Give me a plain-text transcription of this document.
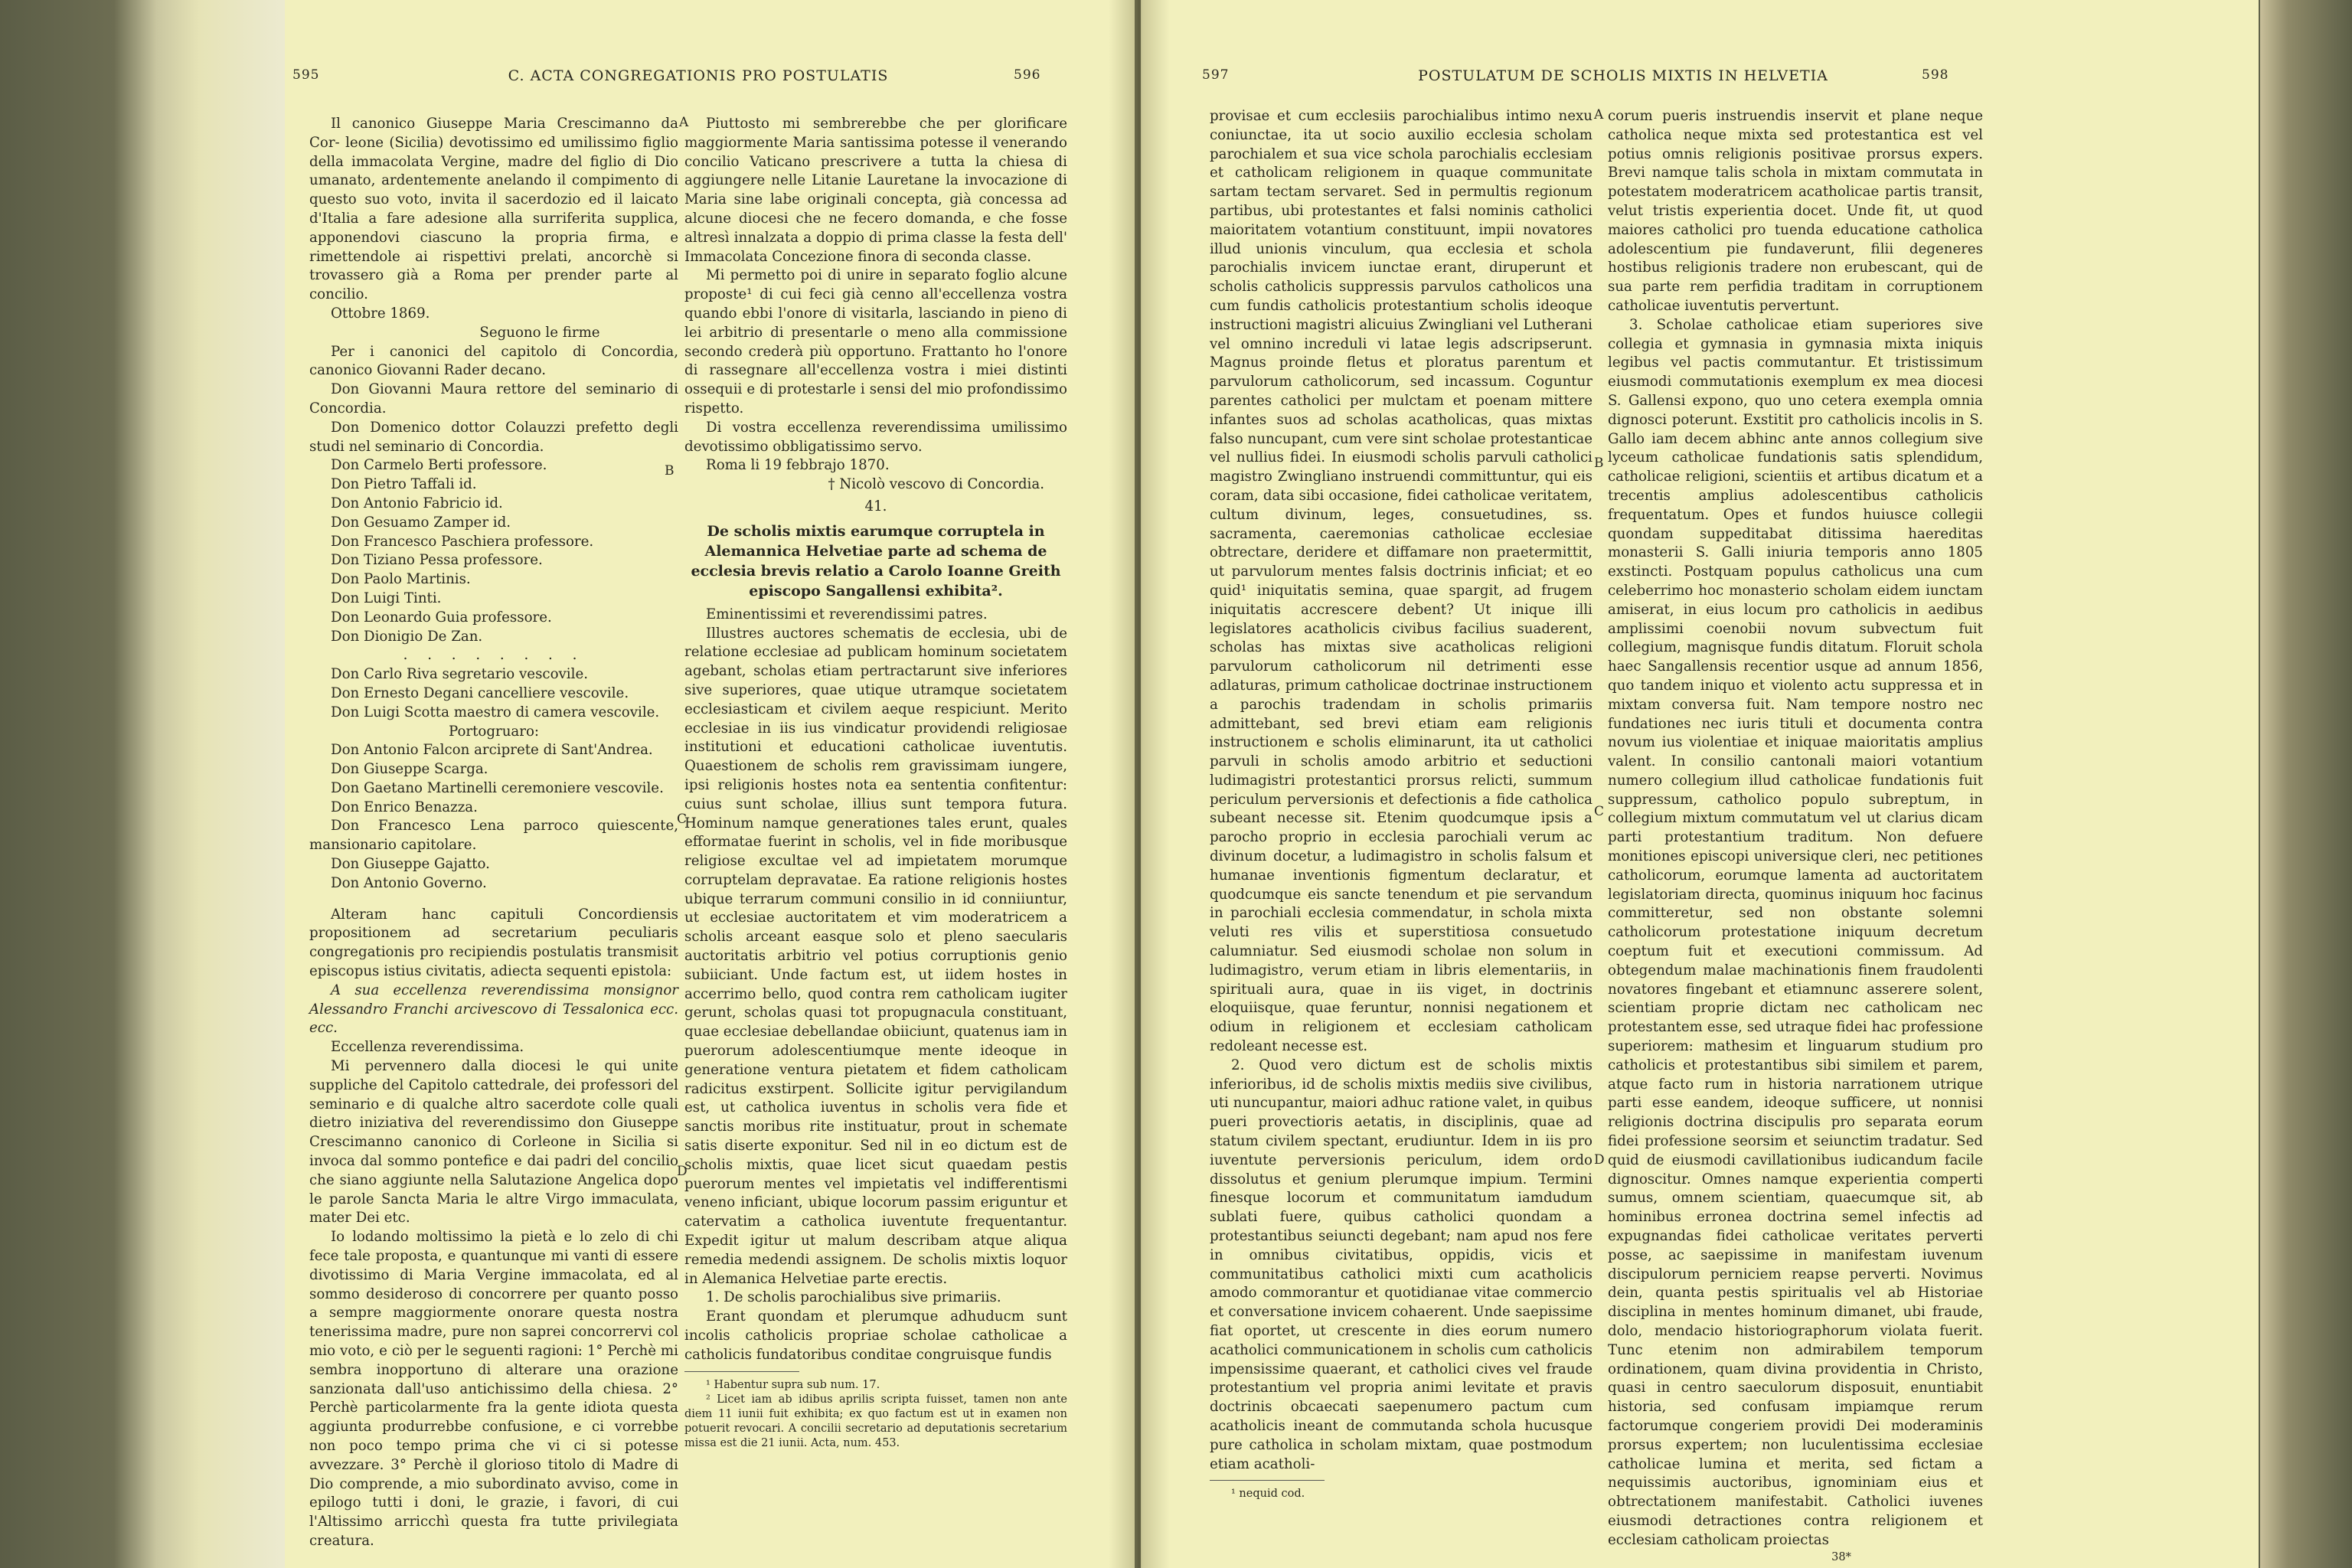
595	C. ACTA CONGREGATIONIS PRO POSTULATIS	596

Il canonico Giuseppe Maria Crescimanno da Cor- leone (Sicilia) devotissimo ed umilissimo figlio della immacolata Vergine, madre del figlio di Dio umanato, ardentemente anelando il compimento di questo suo voto, invita il sacerdozio ed il laicato d'Italia a fare adesione alla surriferita supplica, apponendovi ciascuno la propria firma, e rimettendole ai rispettivi prelati, ancorchè si trovassero già a Roma per prender parte al concilio.

Ottobre 1869.

Seguono le firme

Per i canonici del capitolo di Concordia, canonico Giovanni Rader decano.

Don Giovanni Maura rettore del seminario di Concordia.

Don Domenico dottor Colauzzi prefetto degli studi nel seminario di Concordia.

Don Carmelo Berti professore.

Don Pietro Taffali id.

Don Antonio Fabricio id.

Don Gesuamo Zamper id.

Don Francesco Paschiera professore.

Don Tiziano Pessa professore.

Don Paolo Martinis.

Don Luigi Tinti.

Don Leonardo Guia professore.

Don Dionigio De Zan.

. . . . . . . .

Don Carlo Riva segretario vescovile.

Don Ernesto Degani cancelliere vescovile.

Don Luigi Scotta maestro di camera vescovile.

Portogruaro:

Don Antonio Falcon arciprete di Sant'Andrea.

Don Giuseppe Scarga.

Don Gaetano Martinelli ceremoniere vescovile.

Don Enrico Benazza.

Don Francesco Lena parroco quiescente, mansionario capitolare.

Don Giuseppe Gajatto.

Don Antonio Governo.

Alteram hanc capituli Concordiensis propositionem ad secretarium peculiaris congregationis pro recipiendis postulatis transmisit episcopus istius civitatis, adiecta sequenti epistola:

A sua eccellenza reverendissima monsignor Alessandro Franchi arcivescovo di Tessalonica ecc. ecc.

Eccellenza reverendissima.

Mi pervennero dalla diocesi le qui unite suppliche del Capitolo cattedrale, dei professori del seminario e di qualche altro sacerdote colle quali dietro iniziativa del reverendissimo don Giuseppe Crescimanno canonico di Corleone in Sicilia si invoca dal sommo pontefice e dai padri del concilio che siano aggiunte nella Salutazione Angelica dopo le parole Sancta Maria le altre Virgo immaculata, mater Dei etc.

Io lodando moltissimo la pietà e lo zelo di chi fece tale proposta, e quantunque mi vanti di essere divotissimo di Maria Vergine immacolata, ed al sommo desideroso di concorrere per quanto posso a sempre maggiormente onorare questa nostra tenerissima madre, pure non saprei concorrervi col mio voto, e ciò per le seguenti ragioni: 1° Perchè mi sembra inopportuno di alterare una orazione sanzionata dall'uso antichissimo della chiesa. 2° Perchè particolarmente fra la gente idiota questa aggiunta produrrebbe confusione, e ci vorrebbe non poco tempo prima che vi ci si potesse avvezzare. 3° Perchè il glorioso titolo di Madre di Dio comprende, a mio subordinato avviso, come in epilogo tutti i doni, le grazie, i favori, di cui l'Altissimo arricchì questa fra tutte privilegiata creatura.

Piuttosto mi sembrerebbe che per glorificare maggiormente Maria santissima potesse il venerando concilio Vaticano prescrivere a tutta la chiesa di aggiungere nelle Litanie Lauretane la invocazione di Maria sine labe originali concepta, già concessa ad alcune diocesi che ne fecero domanda, e che fosse altresì innalzata a doppio di prima classe la festa dell' Immacolata Concezione finora di seconda classe.

Mi permetto poi di unire in separato foglio alcune proposte¹ di cui feci già cenno all'eccellenza vostra quando ebbi l'onore di visitarla, lasciando in pieno di lei arbitrio di presentarle o meno alla commissione secondo crederà più opportuno. Frattanto ho l'onore di rassegnare all'eccellenza vostra i miei distinti ossequii e di protestarle i sensi del mio profondissimo rispetto.

Di vostra eccellenza reverendissima umilissimo devotissimo obbligatissimo servo.

Roma li 19 febbrajo 1870.

† Nicolò vescovo di Concordia.

41.

De scholis mixtis earumque corruptela in Alemannica Helvetiae parte ad schema de ecclesia brevis relatio a Carolo Ioanne Greith episcopo Sangallensi exhibita².

Eminentissimi et reverendissimi patres.

Illustres auctores schematis de ecclesia, ubi de relatione ecclesiae ad publicam hominum societatem agebant, scholas etiam pertractarunt sive inferiores sive superiores, quae utique utramque societatem ecclesiasticam et civilem aeque respiciunt. Merito ecclesiae in iis ius vindicatur providendi religiosae institutioni et educationi catholicae iuventutis. Quaestionem de scholis rem gravissimam iungere, ipsi religionis hostes nota ea sententia confitentur: cuius sunt scholae, illius sunt tempora futura. Hominum namque generationes tales erunt, quales efformatae fuerint in scholis, vel in fide moribusque religiose excultae vel ad impietatem morumque corruptelam depravatae. Ea ratione religionis hostes ubique terrarum communi consilio in id conniiuntur, ut ecclesiae auctoritatem et vim moderatricem a scholis arceant easque solo et pleno saecularis auctoritatis arbitrio vel potius corruptionis genio subiiciant. Unde factum est, ut iidem hostes in accerrimo bello, quod contra rem catholicam iugiter gerunt, scholas quasi tot propugnacula constituant, quae ecclesiae debellandae obiiciunt, quatenus iam in puerorum adolescentiumque mente ideoque in generatione ventura pietatem et fidem catholicam radicitus exstirpent. Sollicite igitur pervigilandum est, ut catholica iuventus in scholis vera fide et sanctis moribus rite instituatur, prout in schemate satis diserte exponitur. Sed nil in eo dictum est de scholis mixtis, quae licet sicut quaedam pestis puerorum mentes vel impietatis vel indifferentismi veneno inficiant, ubique locorum passim eriguntur et catervatim a catholica iuventute frequentantur. Expedit igitur ut malum describam atque aliqua remedia medendi assignem. De scholis mixtis loquor in Alemanica Helvetiae parte erectis.

1. De scholis parochialibus sive primariis.

Erant quondam et plerumque adhuducm sunt incolis catholicis propriae scholae catholicae a catholicis fundatoribus conditae congruisque fundis

¹ Habentur supra sub num. 17.

² Licet iam ab idibus aprilis scripta fuisset, tamen non ante diem 11 iunii fuit exhibita; ex quo factum est ut in examen non potuerit revocari. A concilii secretario ad deputationis secretarium missa est die 21 iunii. Acta, num. 453.

A
B
C
D
597	POSTULATUM DE SCHOLIS MIXTIS IN HELVETIA	598

provisae et cum ecclesiis parochialibus intimo nexu coniunctae, ita ut socio auxilio ecclesia scholam parochialem et sua vice schola parochialis ecclesiam et catholicam religionem in quaque communitate sartam tectam servaret. Sed in permultis regionum partibus, ubi protestantes et falsi nominis catholici maioritatem votantium constituunt, impii novatores illud unionis vinculum, qua ecclesia et schola parochialis invicem iunctae erant, diruperunt et scholis catholicis suppressis parvulos catholicos una cum fundis catholicis protestantium scholis ideoque instructioni magistri alicuius Zwingliani vel Lutherani vel omnino increduli vi latae legis adscripserunt. Magnus proinde fletus et ploratus parentum et parvulorum catholicorum, sed incassum. Coguntur parentes catholici per mulctam et poenam mittere infantes suos ad scholas acatholicas, quas mixtas falso nuncupant, cum vere sint scholae protestanticae vel nullius fidei. In eiusmodi scholis parvuli catholici magistro Zwingliano instruendi committuntur, qui eis coram, data sibi occasione, fidei catholicae veritatem, cultum divinum, leges, consuetudines, ss. sacramenta, caeremonias catholicae ecclesiae obtrectare, deridere et diffamare non praetermittit, ut parvulorum mentes falsis doctrinis inficiat; et eo quid¹ iniquitatis semina, quae spargit, ad frugem iniquitatis accrescere debent? Ut inique illi legislatores acatholicis civibus facilius suaderent, scholas has mixtas sive acatholicas religioni parvulorum catholicorum nil detrimenti esse adlaturas, primum catholicae doctrinae instructionem a parochis tradendam in scholis primariis admittebant, sed brevi etiam eam religionis instructionem e scholis eliminarunt, ita ut catholici parvuli in scholis amodo arbitrio et seductioni ludimagistri protestantici prorsus relicti, summum periculum perversionis et defectionis a fide catholica subeant necesse sit. Etenim quodcumque ipsis a parocho proprio in ecclesia parochiali verum ac divinum docetur, a ludimagistro in scholis falsum et humanae inventionis figmentum declaratur, et quodcumque eis sancte tenendum et pie servandum in parochiali ecclesia commendatur, in schola mixta veluti res vilis et superstitiosa consuetudo calumniatur. Sed eiusmodi scholae non solum in ludimagistro, verum etiam in libris elementariis, in spirituali aura, quae in iis viget, in doctrinis eloquiisque, quae feruntur, nonnisi negationem et odium in religionem et ecclesiam catholicam redoleant necesse est.

2. Quod vero dictum est de scholis mixtis inferioribus, id de scholis mixtis mediis sive civilibus, uti nuncupantur, maiori adhuc ratione valet, in quibus pueri provectioris aetatis, in disciplinis, quae ad statum civilem spectant, erudiuntur. Idem in iis pro iuventute perversionis periculum, idem ordo dissolutus et genium plerumque impium. Termini finesque locorum et communitatum iamdudum sublati fuere, quibus catholici quondam a protestantibus seiuncti degebant; nam apud nos fere in omnibus civitatibus, oppidis, vicis et communitatibus catholici mixti cum acatholicis amodo commorantur et quotidianae vitae commercio et conversatione invicem cohaerent. Unde saepissime fiat oportet, ut crescente in dies eorum numero acatholici communicationem in scholis cum catholicis impensissime quaerant, et catholici cives vel fraude protestantium vel propria animi levitate et pravis doctrinis obcaecati saepenumero pactum cum acatholicis ineant de commutanda schola hucusque pure catholica in scholam mixtam, quae postmodum etiam acatholi-

¹ nequid cod.

corum pueris instruendis inservit et plane neque catholica neque mixta sed protestantica est vel potius omnis religionis positivae prorsus expers. Brevi namque talis schola in mixtam commutata in potestatem moderatricem acatholicae partis transit, velut tristis experientia docet. Unde fit, ut quod maiores catholici pro tuenda educatione catholica adolescentium pie fundaverunt, filii degeneres hostibus religionis tradere non erubescant, qui de sua parte rem perfidia traditam in corruptionem catholicae iuventutis pervertunt.

3. Scholae catholicae etiam superiores sive collegia et gymnasia in gymnasia mixta iniquis legibus vel pactis commutantur. Et tristissimum eiusmodi commutationis exemplum ex mea diocesi S. Gallensi exponο, quo uno cetera exempla omnia dignosci poterunt. Exstitit pro catholicis incolis in S. Gallo iam decem abhinc ante annos collegium sive lyceum catholicae fundationis satis splendidum, catholicae religioni, scientiis et artibus dicatum et a trecentis amplius adolescentibus catholicis frequentatum. Opes et fundos huiusce collegii quondam suppeditabat ditissima haereditas monasterii S. Galli iniuria temporis anno 1805 exstincti. Postquam populus catholicus una cum celeberrimo hoc monasterio scholam eidem iunctam amiserat, in eius locum pro catholicis in aedibus amplissimi coenobii novum subvectum fuit collegium, magnisque fundis ditatum. Floruit schola haec Sangallensis recentior usque ad annum 1856, quo tandem iniquo et violento actu suppressa et in mixtam conversa fuit. Nam tempore nostro nec fundationes nec iuris tituli et documenta contra novum ius violentiae et iniquae maioritatis amplius valent. In consilio cantonali maiori votantium numero collegium illud catholicae fundationis fuit suppressum, catholico populo subreptum, in collegium mixtum commutatum vel ut clarius dicam parti protestantium traditum. Non defuere monitiones episcopi universique cleri, nec petitiones catholicorum, eorumque lamenta ad auctoritatem legislatoriam directa, quominus iniquum hoc facinus committeretur, sed non obstante solemni catholicorum protestatione iniquum decretum coeptum fuit et executioni commissum. Ad obtegendum malae machinationis finem fraudolenti novatores fingebant et etiamnunc asserere solent, scientiam proprie dictam nec catholicam nec protestantem esse, sed utraque fidei hac professione superiorem: mathesim et linguarum studium pro catholicis et protestantibus sibi similem et parem, atque facto rum in historia narrationem utrique parti esse eandem, ideoque sufficere, ut nonnisi religionis doctrina discipulis pro separata eorum fidei professione seorsim et seiunctim tradatur. Sed quid de eiusmodi cavillationibus iudicandum facile dignoscitur. Omnes namque experientia comperti sumus, omnem scientiam, quaecumque sit, ab hominibus erronea doctrina semel infectis ad expugnandas fidei catholicae veritates perverti posse, ac saepissime in manifestam iuvenum discipulorum perniciem reapse perverti. Novimus dein, quanta pestis spiritualis vel ab Historiae disciplina in mentes hominum dimanet, ubi fraude, dolo, mendacio historiographorum violata fuerit. Tunc etenim non admirabilem temporum ordinationem, quam divina providentia in Christo, quasi in centro saeculorum disposuit, enuntiabit historia, sed confusam impiamque rerum factorumque congeriem providi Dei moderaminis prorsus expertem; non luculentissima ecclesiae catholicae lumina et merita, sed fictam a nequissimis auctoribus, ignominiam eius et obtrectationem manifestabit. Catholici iuvenes eiusmodi detractiones contra religionem et ecclesiam catholicam proiectas

38*

A
B
C
D
